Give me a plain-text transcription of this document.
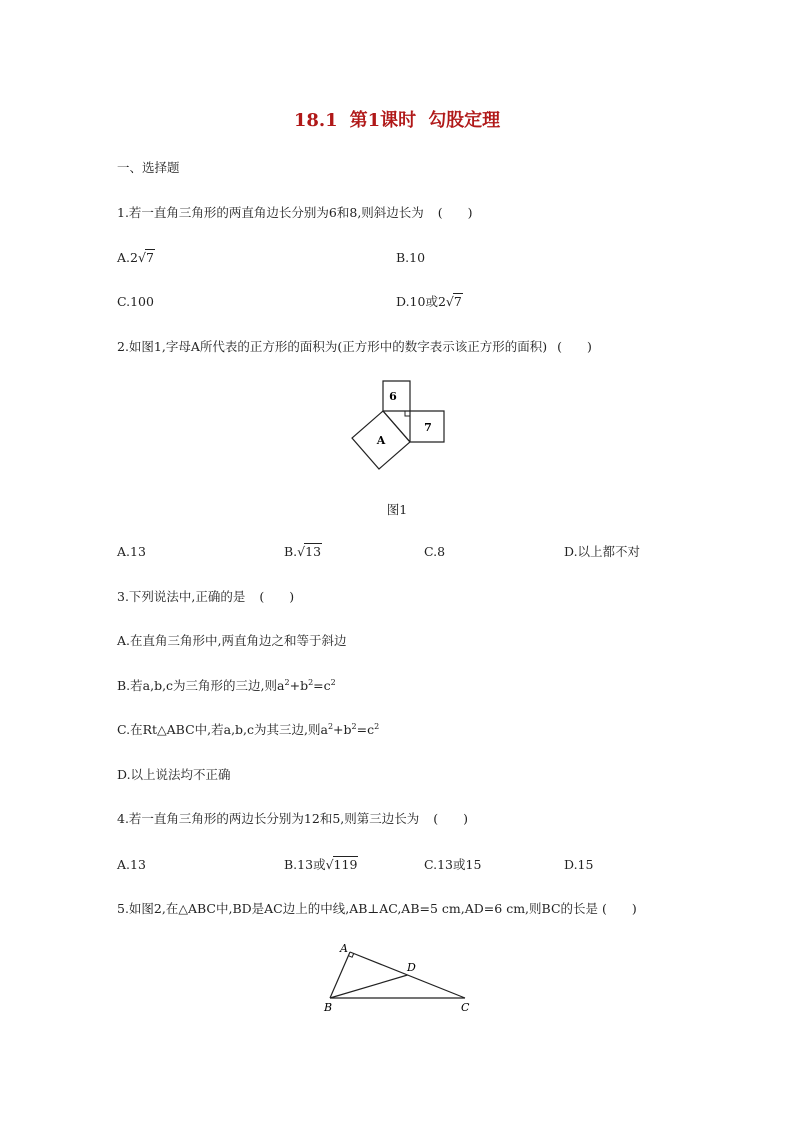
18.1 第1课时 勾股定理
一、选择题
1.若一直角三角形的两直角边长分别为6和8,则斜边长为 (　　)
A.2√7	B.10
C.100	D.10或2√7
2.如图1,字母A所代表的正方形的面积为(正方形中的数字表示该正方形的面积) (　　)
6
7
A
图1
A.13	B.√13	C.8	D.以上都不对
3.下列说法中,正确的是 (　　)
A.在直角三角形中,两直角边之和等于斜边
B.若a,b,c为三角形的三边,则$a^2+b^2=c^2$
C.在Rt△ABC中,若a,b,c为其三边,则$a^2+b^2=c^2$
D.以上说法均不正确
4.若一直角三角形的两边长分别为12和5,则第三边长为 (　　)
A.13	B.13或√119	C.13或15	D.15
5.如图2,在△ABC中,BD是AC边上的中线,AB⊥AC,AB=5 cm,AD=6 cm,则BC的长是 (　　)
A
B	C
D
